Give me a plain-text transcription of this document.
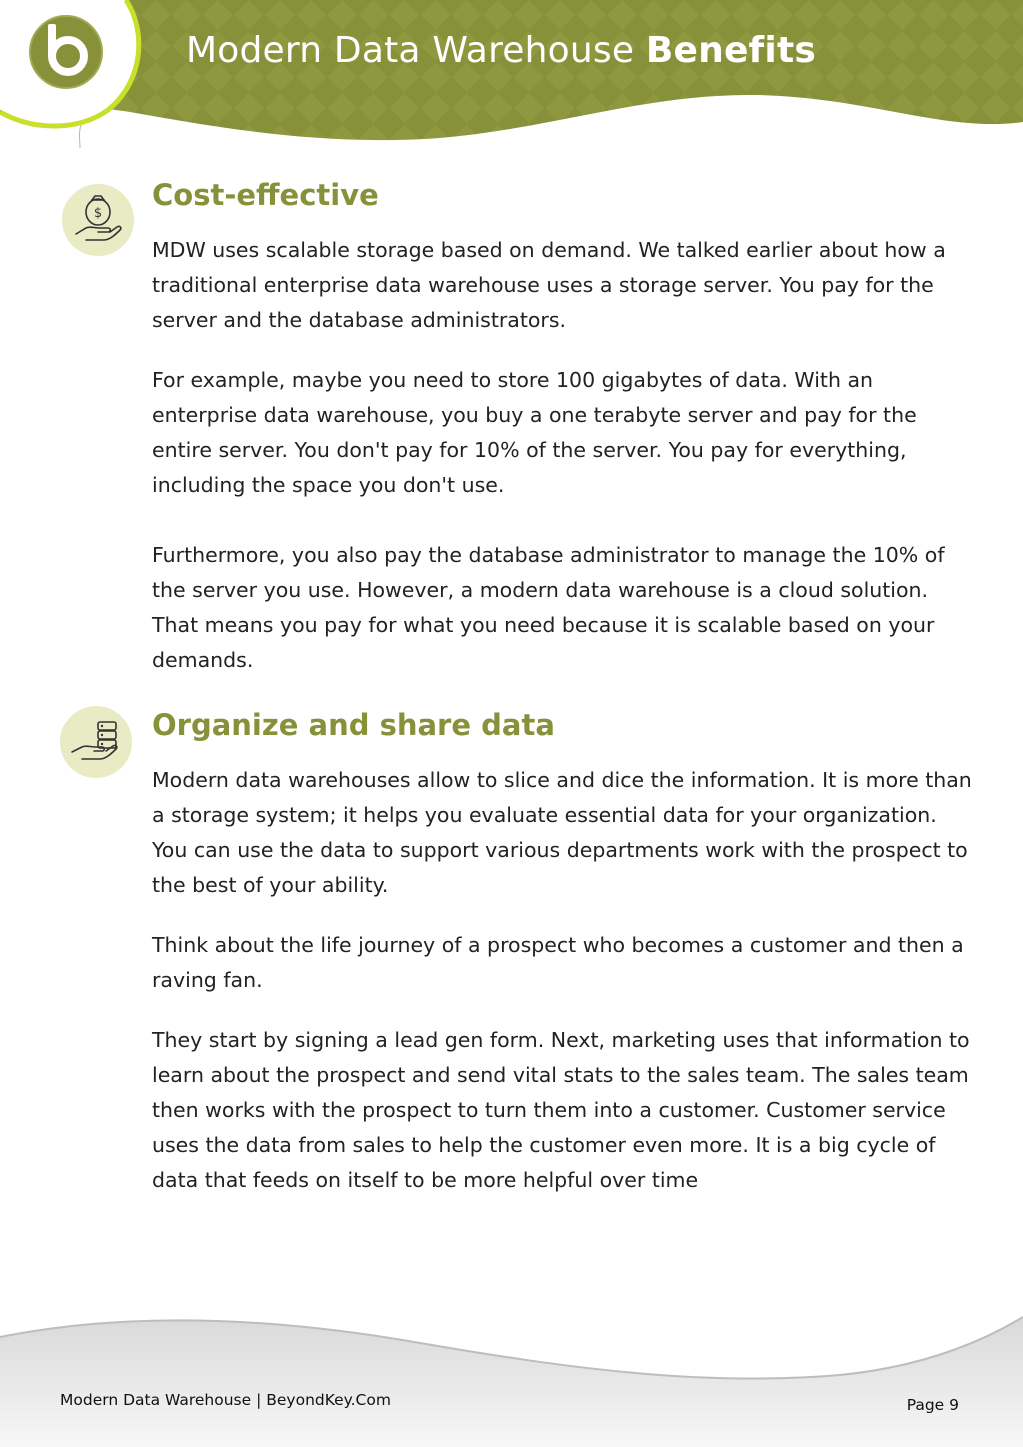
Modern Data Warehouse Benefits
$
Cost-effective

MDW uses scalable storage based on demand. We talked earlier about how a traditional enterprise data warehouse uses a storage server. You pay for the server and the database administrators.

For example, maybe you need to store 100 gigabytes of data. With an enterprise data warehouse, you buy a one terabyte server and pay for the entire server. You don't pay for 10% of the server. You pay for everything, including the space you don't use.

Furthermore, you also pay the database administrator to manage the 10% of the server you use. However, a modern data warehouse is a cloud solution. That means you pay for what you need because it is scalable based on your demands.

Organize and share data

Modern data warehouses allow to slice and dice the information. It is more than a storage system; it helps you evaluate essential data for your organization. You can use the data to support various departments work with the prospect to the best of your ability.

Think about the life journey of a prospect who becomes a customer and then a raving fan.

They start by signing a lead gen form. Next, marketing uses that information to learn about the prospect and send vital stats to the sales team. The sales team then works with the prospect to turn them into a customer. Customer service uses the data from sales to help the customer even more. It is a big cycle of data that feeds on itself to be more helpful over time

Modern Data Warehouse | BeyondKey.Com	Page 9
